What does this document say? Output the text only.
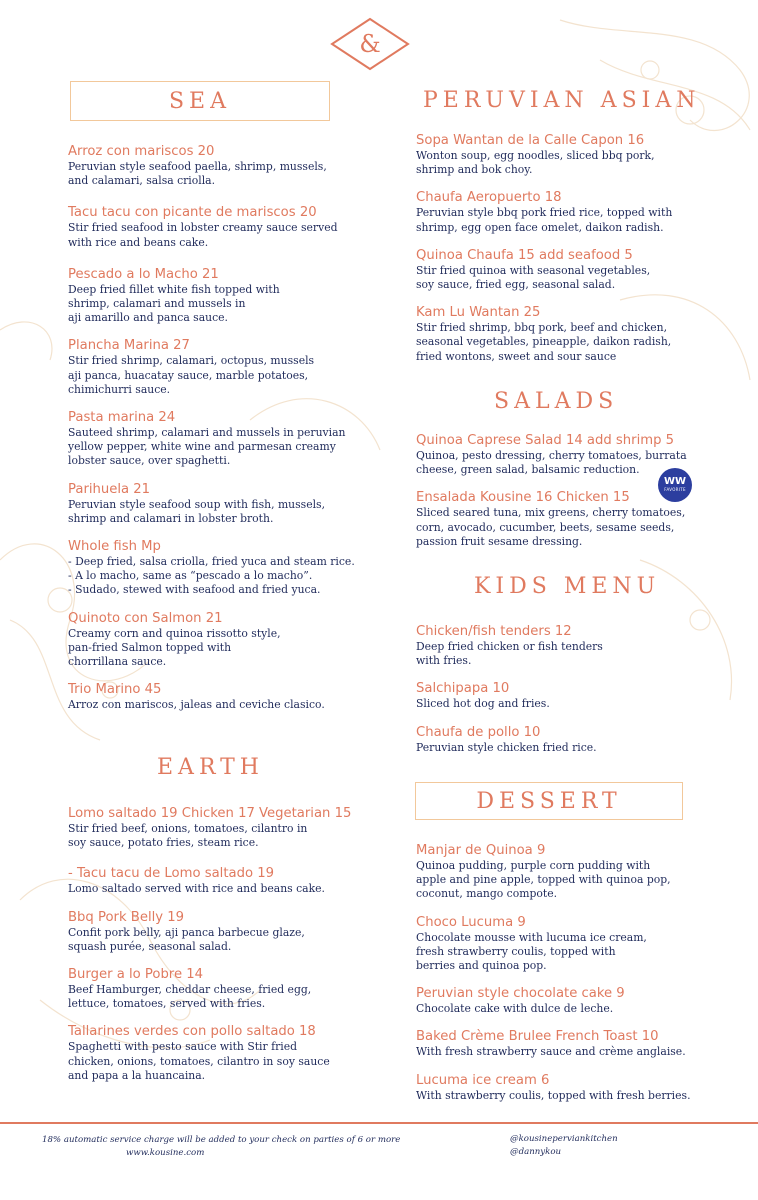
&
SEA
Arroz con mariscos 20
Peruvian style seafood paella, shrimp, mussels,
and calamari, salsa criolla.
Tacu tacu con picante de mariscos 20
Stir fried seafood in lobster creamy sauce served
with rice and beans cake.
Pescado a lo Macho 21
Deep fried fillet white fish topped with
shrimp, calamari and mussels in
aji amarillo and panca sauce.
Plancha Marina 27
Stir fried shrimp, calamari, octopus, mussels
aji panca, huacatay sauce, marble potatoes,
chimichurri sauce.
Pasta marina 24
Sauteed shrimp, calamari and mussels in peruvian
yellow pepper, white wine and parmesan creamy
lobster sauce, over spaghetti.
Parihuela 21
Peruvian style seafood soup with fish, mussels,
shrimp and calamari in lobster broth.
Whole fish Mp
- Deep fried, salsa criolla, fried yuca and steam rice.
- A lo macho, same as “pescado a lo macho”.
- Sudado, stewed with seafood and fried yuca.
Quinoto con Salmon 21
Creamy corn and quinoa rissotto style,
pan-fried Salmon topped with
chorrillana sauce.
Trio Marino 45
Arroz con mariscos, jaleas and ceviche clasico.
EARTH
Lomo saltado 19 Chicken 17 Vegetarian 15
Stir fried beef, onions, tomatoes, cilantro in
soy sauce, potato fries, steam rice.
- Tacu tacu de Lomo saltado 19
Lomo saltado served with rice and beans cake.
Bbq Pork Belly 19
Confit pork belly, aji panca barbecue glaze,
squash purée, seasonal salad.
Burger a lo Pobre 14
Beef Hamburger, cheddar cheese, fried egg,
lettuce, tomatoes, served with fries.
Tallarines verdes con pollo saltado 18
Spaghetti with pesto sauce with Stir fried
chicken, onions, tomatoes, cilantro in soy sauce
and papa a la huancaina.
PERUVIAN ASIAN
Sopa Wantan de la Calle Capon 16
Wonton soup, egg noodles, sliced bbq pork,
shrimp and bok choy.
Chaufa Aeropuerto 18
Peruvian style bbq pork fried rice, topped with
shrimp, egg open face omelet, daikon radish.
Quinoa Chaufa 15 add seafood 5
Stir fried quinoa with seasonal vegetables,
soy sauce, fried egg, seasonal salad.
Kam Lu Wantan 25
Stir fried shrimp, bbq pork, beef and chicken,
seasonal vegetables, pineapple, daikon radish,
fried wontons, sweet and sour sauce
SALADS
Quinoa Caprese Salad 14 add shrimp 5
Quinoa, pesto dressing, cherry tomatoes, burrata
cheese, green salad, balsamic reduction.
Ensalada Kousine 16 Chicken 15
Sliced seared tuna, mix greens, cherry tomatoes,
corn, avocado, cucumber, beets, sesame seeds,
passion fruit sesame dressing.
WW
FAVORITE
KIDS MENU
Chicken/fish tenders 12
Deep fried chicken or fish tenders
with fries.
Salchipapa 10
Sliced hot dog and fries.
Chaufa de pollo 10
Peruvian style chicken fried rice.
DESSERT
Manjar de Quinoa 9
Quinoa pudding, purple corn pudding with
apple and pine apple, topped with quinoa pop,
coconut, mango compote.
Choco Lucuma 9
Chocolate mousse with lucuma ice cream,
fresh strawberry coulis, topped with
berries and quinoa pop.
Peruvian style chocolate cake 9
Chocolate cake with dulce de leche.
Baked Crème Brulee French Toast 10
With fresh strawberry sauce and crème anglaise.
Lucuma ice cream 6
With strawberry coulis, topped with fresh berries.
18% automatic service charge will be added to your check on parties of 6 or more
www.kousine.com
@kousineperviankitchen
@dannykou
